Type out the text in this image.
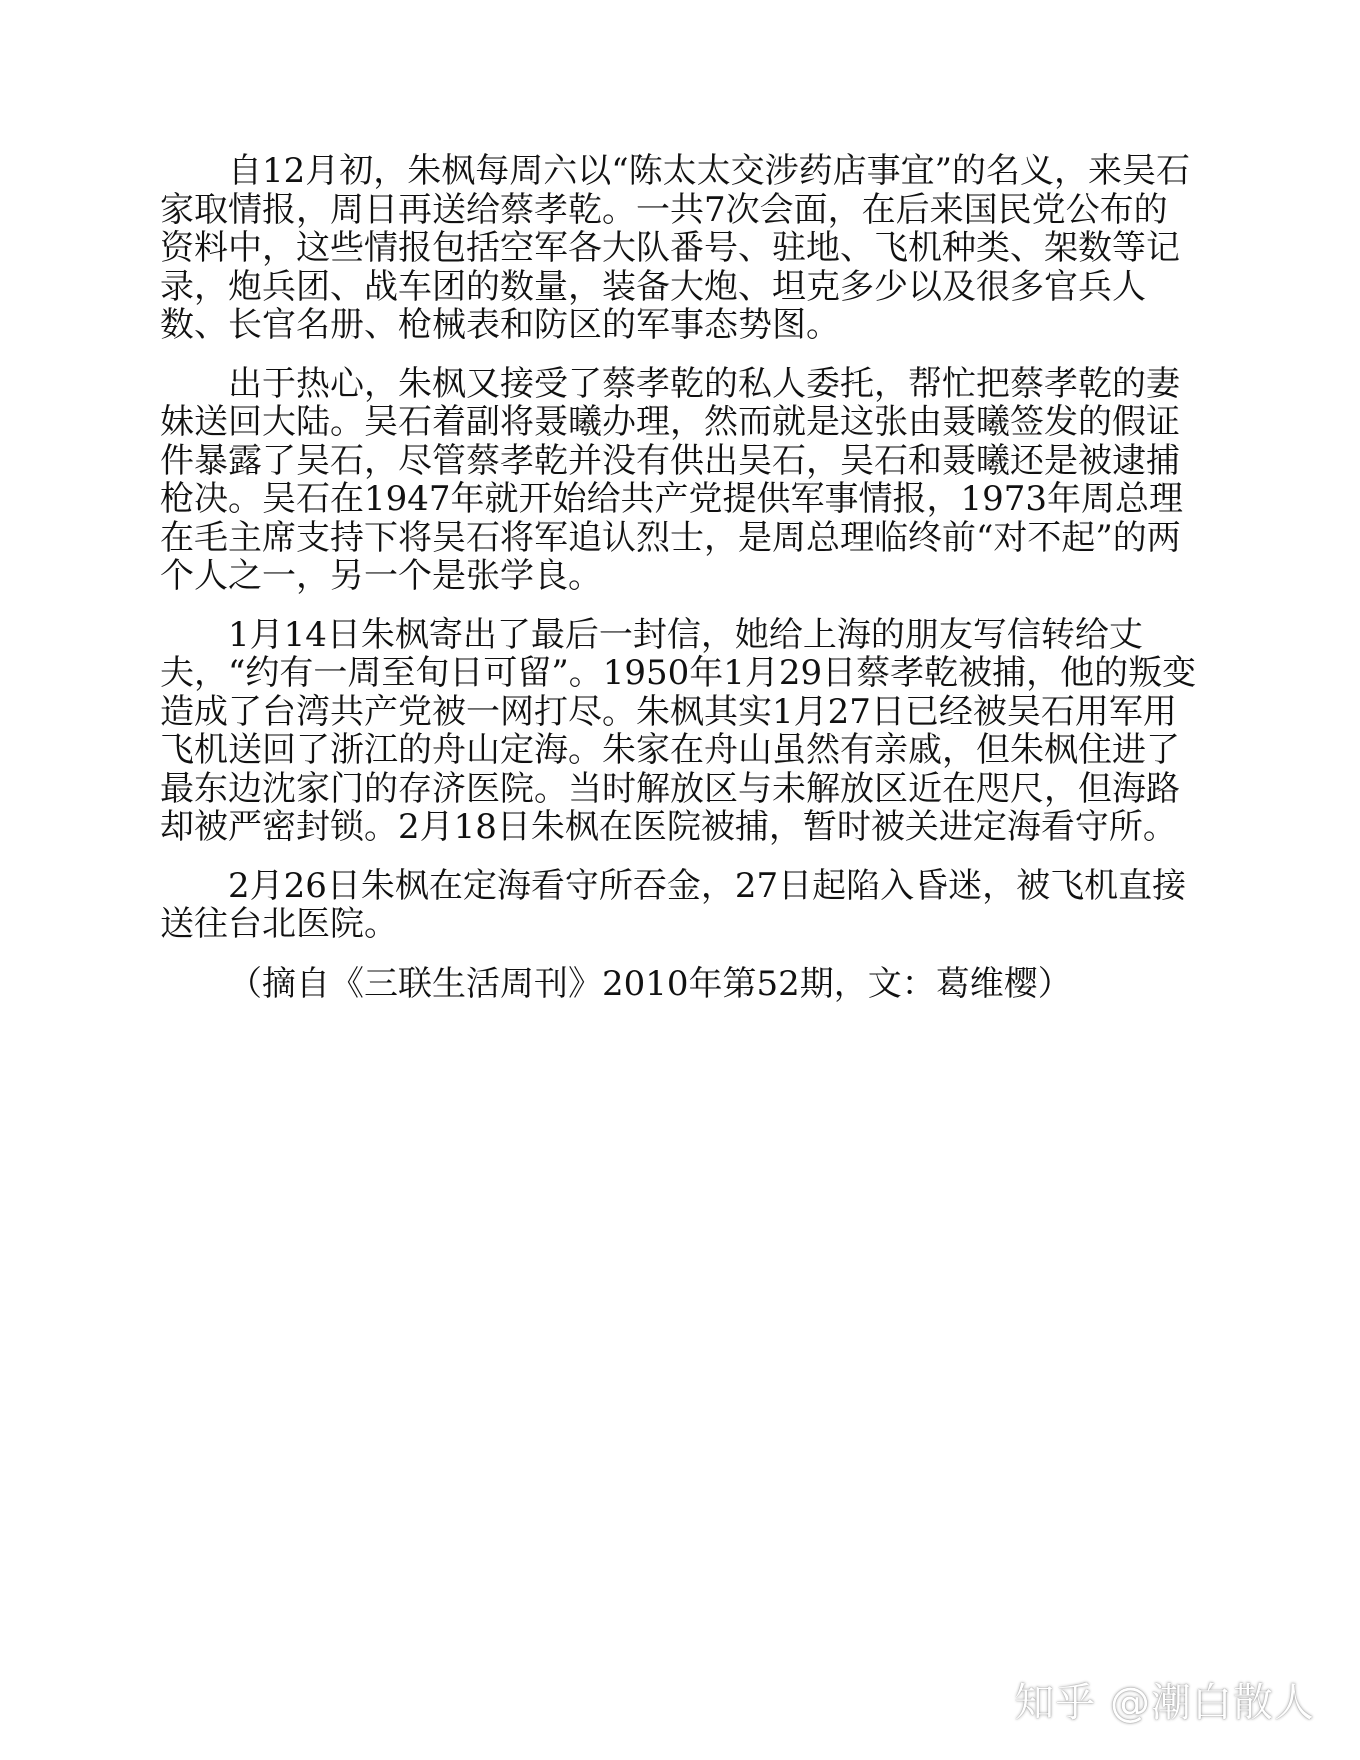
自12月初，朱枫每周六以“陈太太交涉药店事宜”的名义，来吴石家取情报，周日再送给蔡孝乾。一共7次会面，在后来国民党公布的资料中，这些情报包括空军各大队番号、驻地、飞机种类、架数等记录，炮兵团、战车团的数量，装备大炮、坦克多少以及很多官兵人数、长官名册、枪械表和防区的军事态势图。

出于热心，朱枫又接受了蔡孝乾的私人委托，帮忙把蔡孝乾的妻妹送回大陆。吴石着副将聂曦办理，然而就是这张由聂曦签发的假证件暴露了吴石，尽管蔡孝乾并没有供出吴石，吴石和聂曦还是被逮捕枪决。吴石在1947年就开始给共产党提供军事情报，1973年周总理在毛主席支持下将吴石将军追认烈士，是周总理临终前“对不起”的两个人之一，另一个是张学良。

1月14日朱枫寄出了最后一封信，她给上海的朋友写信转给丈夫，“约有一周至旬日可留”。1950年1月29日蔡孝乾被捕，他的叛变造成了台湾共产党被一网打尽。朱枫其实1月27日已经被吴石用军用飞机送回了浙江的舟山定海。朱家在舟山虽然有亲戚，但朱枫住进了最东边沈家门的存济医院。当时解放区与未解放区近在咫尺，但海路却被严密封锁。2月18日朱枫在医院被捕，暂时被关进定海看守所。

2月26日朱枫在定海看守所吞金，27日起陷入昏迷，被飞机直接送往台北医院。

（摘自《三联生活周刊》2010年第52期，文：葛维樱）

知乎 @潮白散人
